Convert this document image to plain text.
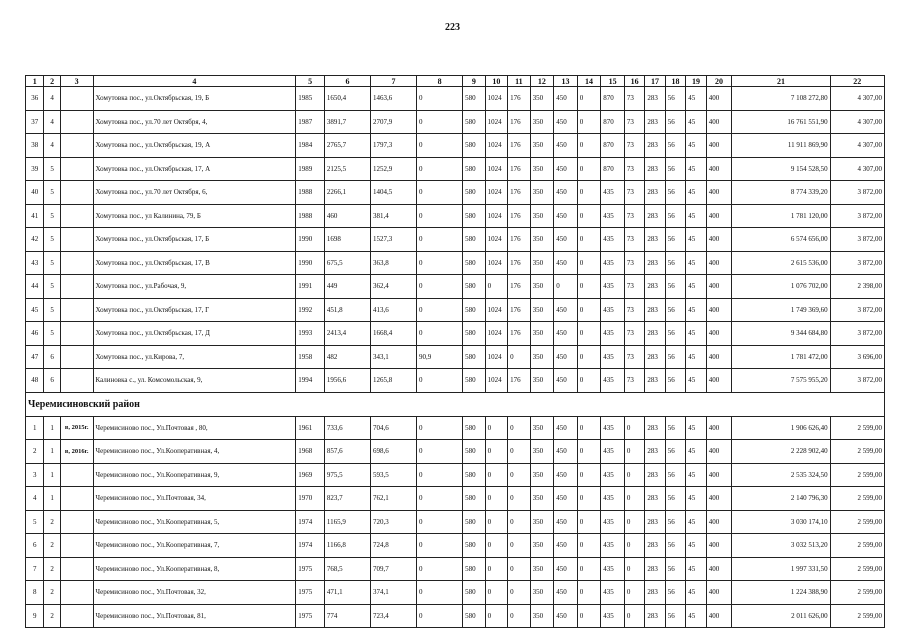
223
1	2	3	4	5	6	7	8	9	10	11	12	13	14	15	16	17	18	19	20	21	22
36	4		Хомутовка пос., ул.Октябрьская, 19, Б	1985	1650,4	1463,6	0	580	1024	176	350	450	0	870	73	283	56	45	400	7 108 272,80	4 307,00
37	4		Хомутовка пос., ул.70 лет Октября, 4,	1987	3891,7	2707,9	0	580	1024	176	350	450	0	870	73	283	56	45	400	16 761 551,90	4 307,00
38	4		Хомутовка пос., ул.Октябрьская, 19, А	1984	2765,7	1797,3	0	580	1024	176	350	450	0	870	73	283	56	45	400	11 911 869,90	4 307,00
39	5		Хомутовка пос., ул.Октябрьская, 17, А	1989	2125,5	1252,9	0	580	1024	176	350	450	0	870	73	283	56	45	400	9 154 528,50	4 307,00
40	5		Хомутовка пос., ул.70 лет Октября, 6,	1988	2266,1	1404,5	0	580	1024	176	350	450	0	435	73	283	56	45	400	8 774 339,20	3 872,00
41	5		Хомутовка пос., ул Калинина, 79, Б	1988	460	381,4	0	580	1024	176	350	450	0	435	73	283	56	45	400	1 781 120,00	3 872,00
42	5		Хомутовка пос., ул.Октябрьская, 17, Б	1990	1698	1527,3	0	580	1024	176	350	450	0	435	73	283	56	45	400	6 574 656,00	3 872,00
43	5		Хомутовка пос., ул.Октябрьская, 17, В	1990	675,5	363,8	0	580	1024	176	350	450	0	435	73	283	56	45	400	2 615 536,00	3 872,00
44	5		Хомутовка пос., ул.Рабочая, 9,	1991	449	362,4	0	580	0	176	350	0	0	435	73	283	56	45	400	1 076 702,00	2 398,00
45	5		Хомутовка пос., ул.Октябрьская, 17, Г	1992	451,8	413,6	0	580	1024	176	350	450	0	435	73	283	56	45	400	1 749 369,60	3 872,00
46	5		Хомутовка пос., ул.Октябрьская, 17, Д	1993	2413,4	1668,4	0	580	1024	176	350	450	0	435	73	283	56	45	400	9 344 684,80	3 872,00
47	6		Хомутовка пос., ул.Кирова, 7,	1958	482	343,1	90,9	580	1024	0	350	450	0	435	73	283	56	45	400	1 781 472,00	3 696,00
48	6		Калиновка с., ул. Комсомольская, 9,	1994	1956,6	1265,8	0	580	1024	176	350	450	0	435	73	283	56	45	400	7 575 955,20	3 872,00
Черемисиновский район																					
1	1	в, 2015г.	Черемисиново пос., Ул.Почтовая , 80,	1961	733,6	704,6	0	580	0	0	350	450	0	435	0	283	56	45	400	1 906 626,40	2 599,00
2	1	в, 2016г.	Черемисиново пос., Ул.Кооперативная, 4,	1968	857,6	698,6	0	580	0	0	350	450	0	435	0	283	56	45	400	2 228 902,40	2 599,00
3	1		Черемисиново пос., Ул.Кооперативная, 9,	1969	975,5	593,5	0	580	0	0	350	450	0	435	0	283	56	45	400	2 535 324,50	2 599,00
4	1		Черемисиново пос., Ул.Почтовая, 34,	1970	823,7	762,1	0	580	0	0	350	450	0	435	0	283	56	45	400	2 140 796,30	2 599,00
5	2		Черемисиново пос., Ул.Кооперативная, 5,	1974	1165,9	720,3	0	580	0	0	350	450	0	435	0	283	56	45	400	3 030 174,10	2 599,00
6	2		Черемисиново пос., Ул.Кооперативная, 7,	1974	1166,8	724,8	0	580	0	0	350	450	0	435	0	283	56	45	400	3 032 513,20	2 599,00
7	2		Черемисиново пос., Ул.Кооперативная, 8,	1975	768,5	709,7	0	580	0	0	350	450	0	435	0	283	56	45	400	1 997 331,50	2 599,00
8	2		Черемисиново пос., Ул.Почтовая, 32,	1975	471,1	374,1	0	580	0	0	350	450	0	435	0	283	56	45	400	1 224 388,90	2 599,00
9	2		Черемисиново пос., Ул.Почтовая, 81,	1975	774	723,4	0	580	0	0	350	450	0	435	0	283	56	45	400	2 011 626,00	2 599,00
